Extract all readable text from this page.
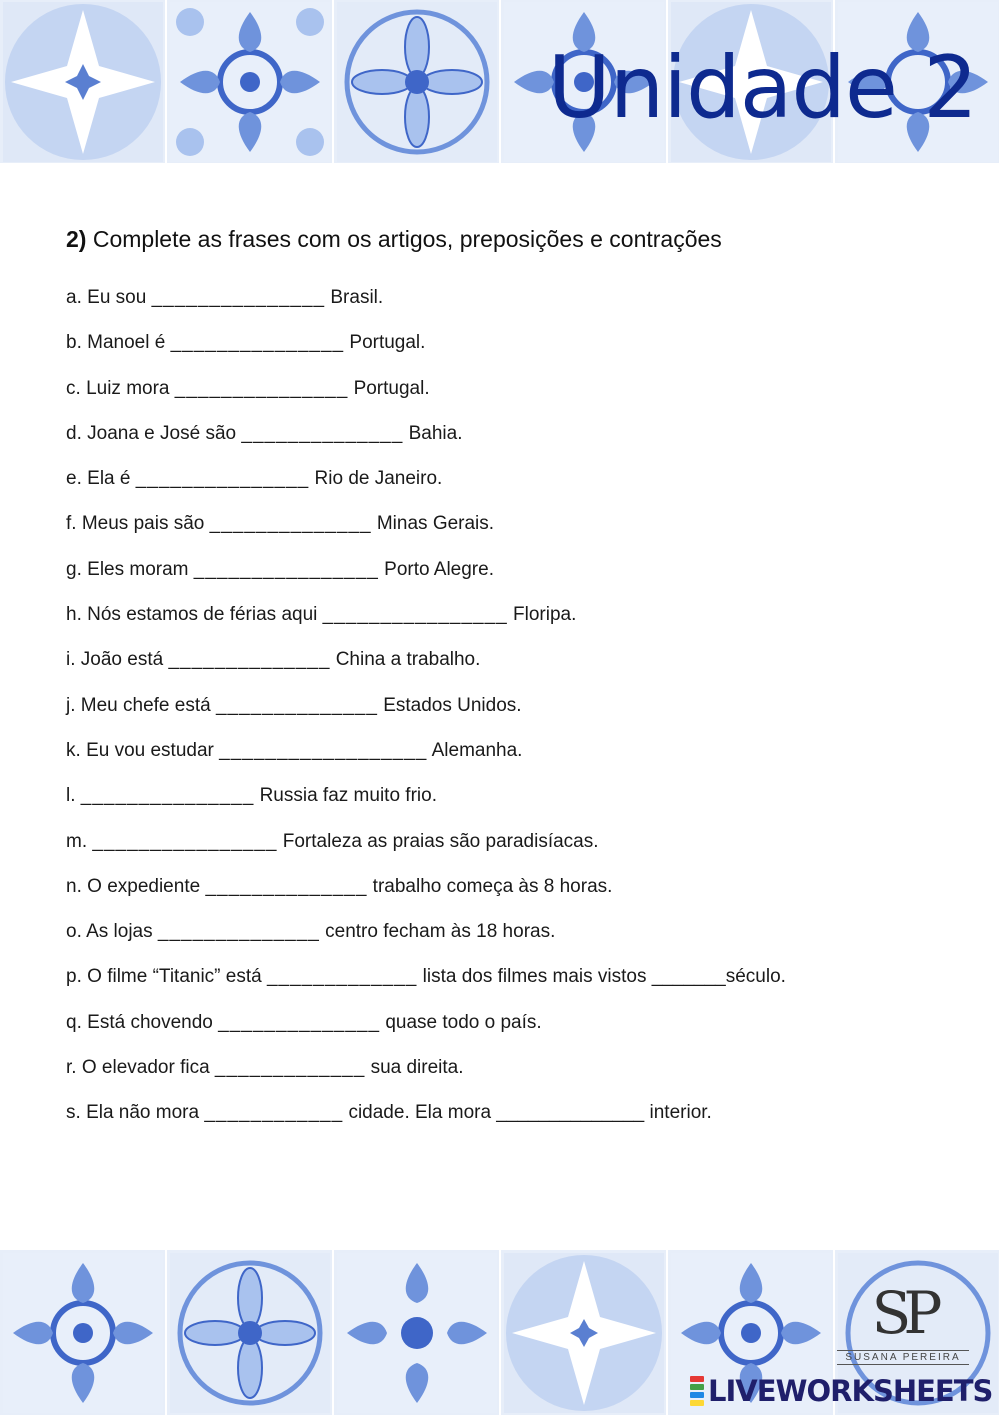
Unidade 2
2) Complete as frases com os artigos, preposições e contrações
a. Eu sou _______________ Brasil.
b. Manoel é _______________ Portugal.
c. Luiz mora _______________ Portugal.
d. Joana e José são ______________ Bahia.
e. Ela é _______________ Rio de Janeiro.
f. Meus pais são ______________ Minas Gerais.
g. Eles moram ________________ Porto Alegre.
h. Nós estamos de férias aqui ________________ Floripa.
i. João está ______________ China a trabalho.
j. Meu chefe está ______________ Estados Unidos.
k. Eu vou estudar __________________ Alemanha.
l. _______________ Russia faz muito frio.
m. ________________ Fortaleza as praias são paradisíacas.
n. O expediente ______________ trabalho começa às 8 horas.
o. As lojas ______________ centro fecham às 18 horas.
p. O filme “Titanic” está _____________ lista dos filmes mais vistos _______século.
q. Está chovendo ______________ quase todo o país.
r. O elevador fica _____________ sua direita.
s. Ela não mora ____________ cidade. Ela mora ______________ interior.
SP
SUSANA PEREIRA
LIVEWORKSHEETS
